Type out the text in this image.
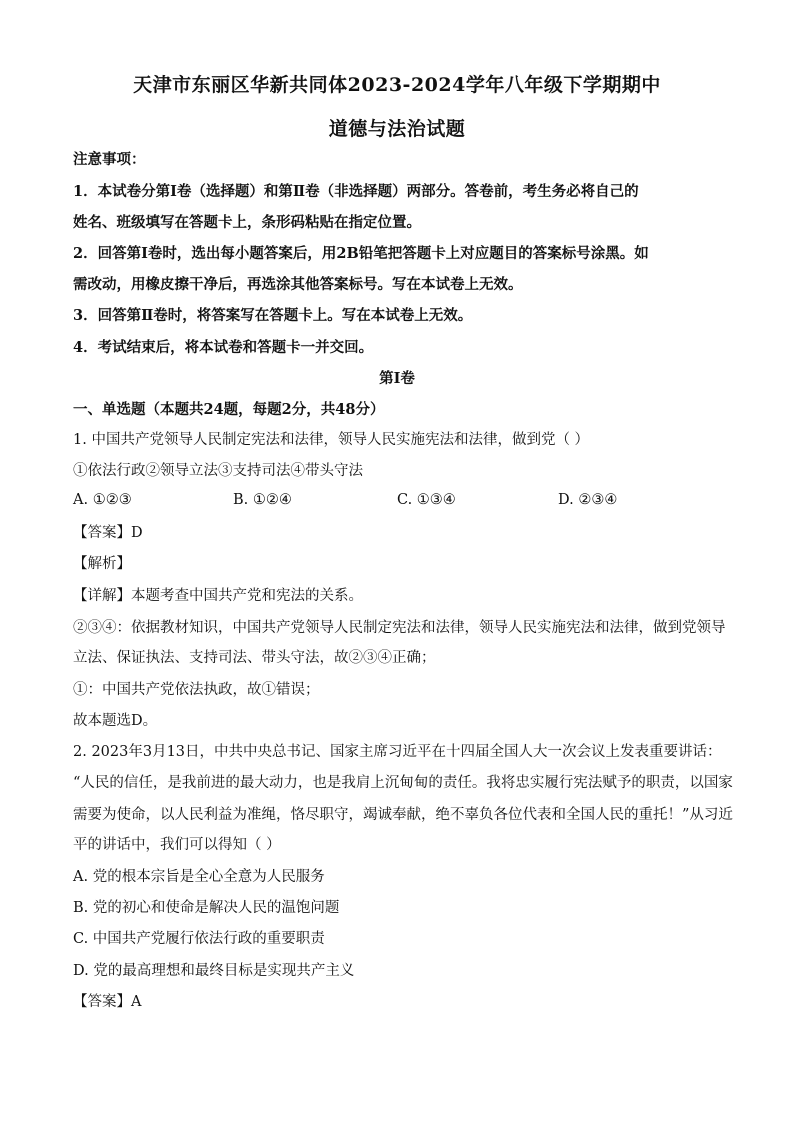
天津市东丽区华新共同体2023-2024学年八年级下学期期中
道德与法治试题
注意事项：
1．本试卷分第Ⅰ卷（选择题）和第Ⅱ卷（非选择题）两部分。答卷前，考生务必将自己的
姓名、班级填写在答题卡上，条形码粘贴在指定位置。
2．回答第Ⅰ卷时，选出每小题答案后，用2B铅笔把答题卡上对应题目的答案标号涂黑。如
需改动，用橡皮擦干净后，再选涂其他答案标号。写在本试卷上无效。
3．回答第Ⅱ卷时，将答案写在答题卡上。写在本试卷上无效。
4．考试结束后，将本试卷和答题卡一并交回。
第Ⅰ卷
一、单选题（本题共24题，每题2分，共48分）
1. 中国共产党领导人民制定宪法和法律，领导人民实施宪法和法律，做到党（ ）
①依法行政②领导立法③支持司法④带头守法
A. ①②③	B. ①②④	C. ①③④	D. ②③④
【答案】D
【解析】
【详解】本题考查中国共产党和宪法的关系。
②③④：依据教材知识，中国共产党领导人民制定宪法和法律，领导人民实施宪法和法律，做到党领导
立法、保证执法、支持司法、带头守法，故②③④正确；
①：中国共产党依法执政，故①错误；
故本题选D。
2. 2023年3月13日，中共中央总书记、国家主席习近平在十四届全国人大一次会议上发表重要讲话：
“人民的信任，是我前进的最大动力，也是我肩上沉甸甸的责任。我将忠实履行宪法赋予的职责，以国家
需要为使命，以人民利益为准绳，恪尽职守，竭诚奉献，绝不辜负各位代表和全国人民的重托！”从习近
平的讲话中，我们可以得知（ ）
A. 党的根本宗旨是全心全意为人民服务
B. 党的初心和使命是解决人民的温饱问题
C. 中国共产党履行依法行政的重要职责
D. 党的最高理想和最终目标是实现共产主义
【答案】A
